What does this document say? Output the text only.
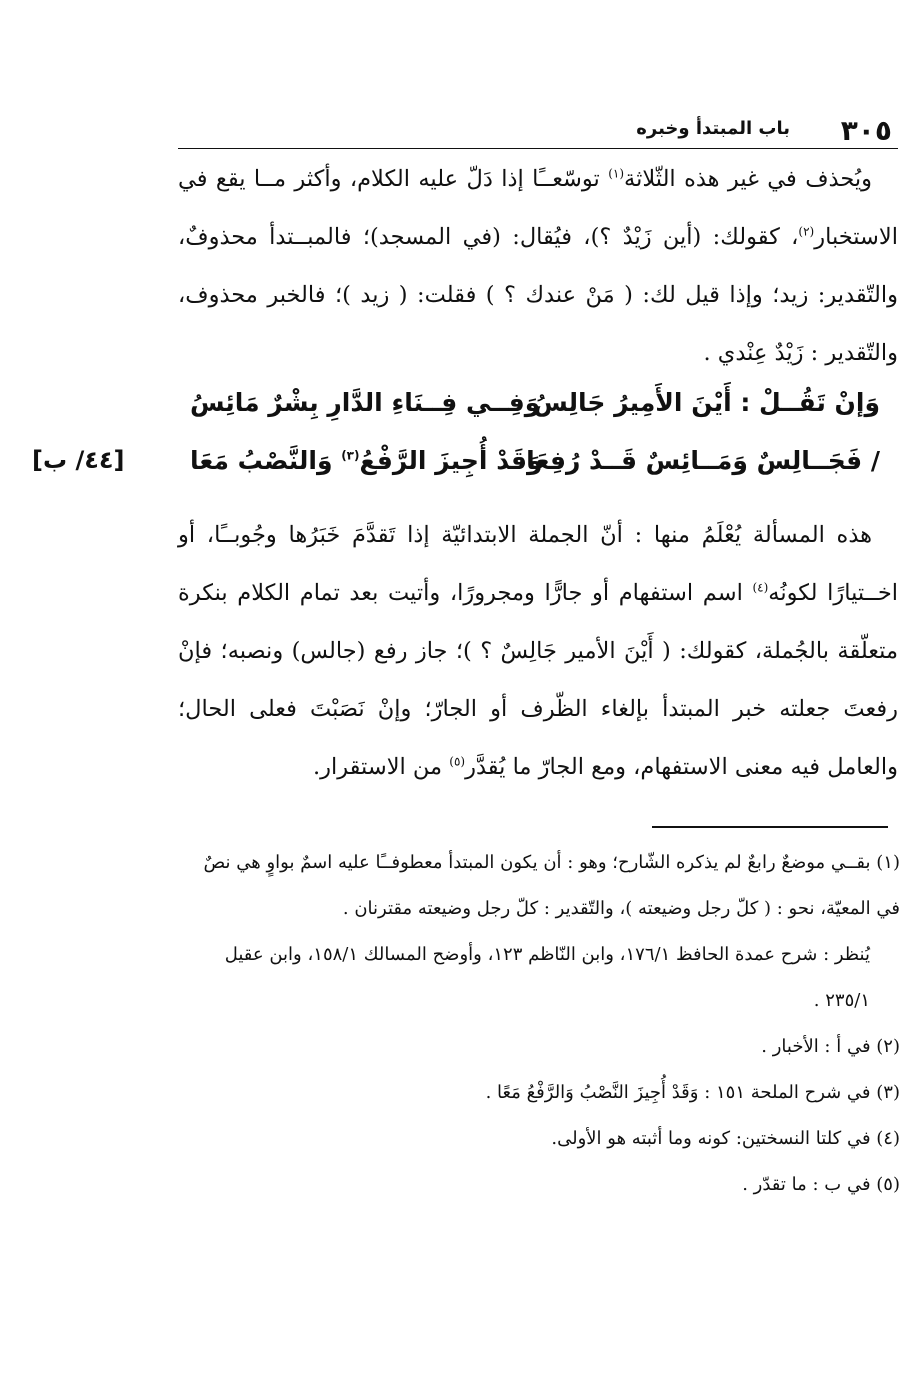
٣٠٥
باب المبتدأ وخبره

ويُحذف في غير هذه الثّلاثة$^{(١)}$ توسّعــًا إذا دَلّ عليه الكلام، وأكثر مــا يقع في الاستخبار$^{(٢)}$، كقولك: (أين زَيْدٌ ؟)، فيُقال: (في المسجد)؛ فالمبــتدأ محذوفٌ، والتّقدير: زيد؛ وإذا قيل لك: ( مَنْ عندك ؟ ) فقلت: ( زيد )؛ فالخبر محذوف، والتّقدير : زَيْدٌ عِنْدي .

وَإنْ تَقُــلْ : أَيْنَ الأَمِيرُ جَالِسُ
وَفِــي فِــنَاءِ الدَّارِ بِشْرٌ مَائِسُ
/ فَجَــالِسٌ وَمَــائِسٌ قَــدْ رُفِعَا
وَقَدْ أُجِيزَ الرَّفْعُ$^{(٣)}$ وَالنَّصْبُ مَعَا
[٤٤/ ب]

هذه المسألة يُعْلَمُ منها : أنّ الجملة الابتدائيّة إذا تَقدَّمَ خَبَرُها وجُوبــًا، أو اخــتيارًا لكونُه$^{(٤)}$ اسم استفهام أو جارًّا ومجرورًا، وأتيت بعد تمام الكلام بنكرة متعلّقة بالجُملة، كقولك: ( أَيْنَ الأمير جَالِسٌ ؟ )؛ جاز رفع (جالس) ونصبه؛ فإنْ رفعتَ جعلته خبر المبتدأ بإلغاء الظّرف أو الجارّ؛ وإنْ نَصَبْتَ فعلى الحال؛ والعامل فيه معنى الاستفهام، ومع الجارّ ما يُقدَّر$^{(٥)}$ من الاستقرار.

(١) بقــي موضعٌ رابعٌ لم يذكره الشّارح؛ وهو : أن يكون المبتدأ معطوفــًا عليه اسمٌ بواوٍ هي نصٌ في المعيّة، نحو : ( كلّ رجل وضيعته )، والتّقدير : كلّ رجل وضيعته مقترنان .

يُنظر : شرح عمدة الحافظ ١٧٦/١، وابن النّاظم ١٢٣، وأوضح المسالك ١٥٨/١، وابن عقيل ٢٣٥/١ .

(٢) في أ : الأخبار .

(٣) في شرح الملحة ١٥١ : وَقَدْ أُجِيزَ النَّصْبُ وَالرَّفْعُ مَعًا .

(٤) في كلتا النسختين: كونه وما أثبته هو الأولى.

(٥) في ب : ما تقدّر .
